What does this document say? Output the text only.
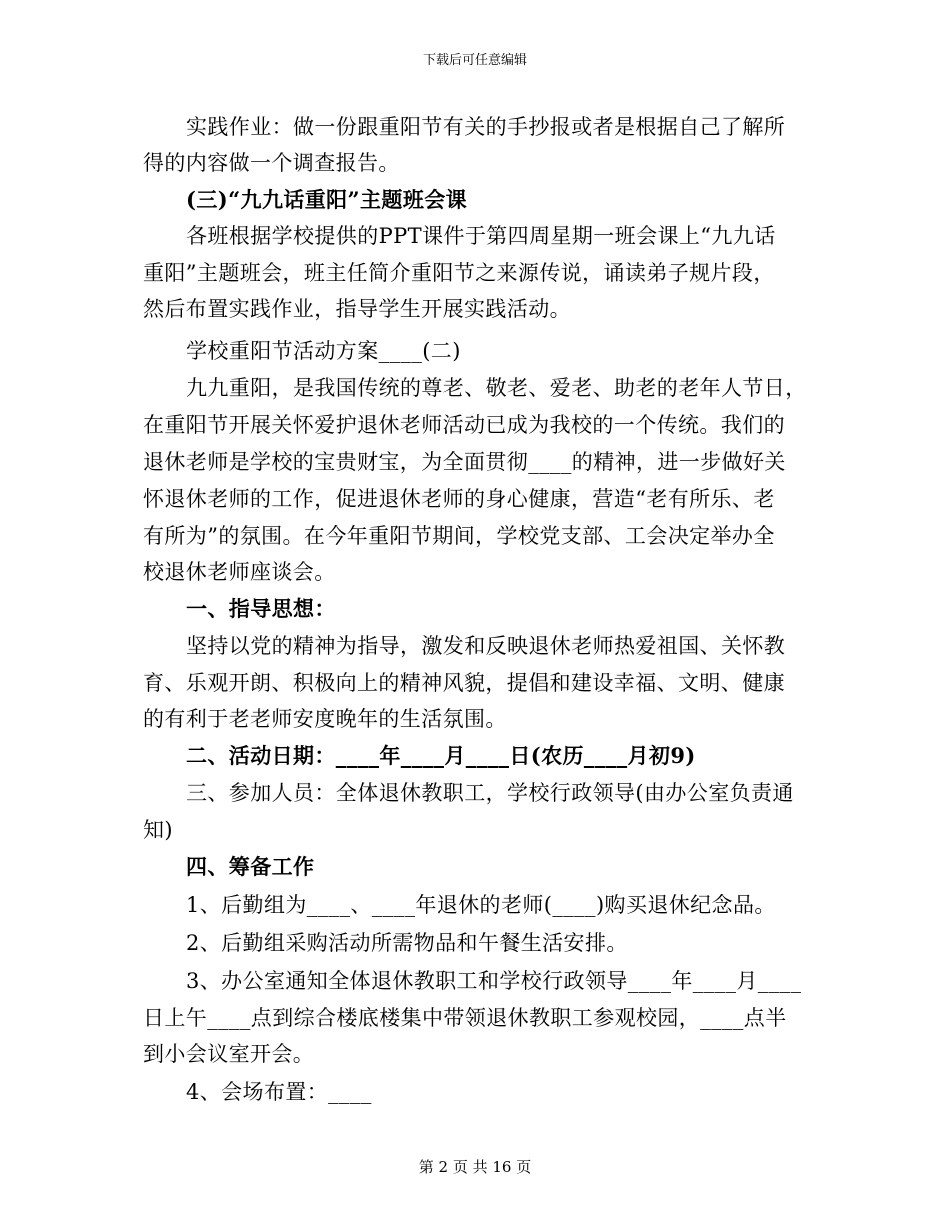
下载后可任意编辑
实践作业：做一份跟重阳节有关的手抄报或者是根据自己了解所
得的内容做一个调查报告。
(三)“九九话重阳”主题班会课
各班根据学校提供的PPT课件于第四周星期一班会课上“九九话
重阳”主题班会，班主任简介重阳节之来源传说，诵读弟子规片段，
然后布置实践作业，指导学生开展实践活动。
学校重阳节活动方案____(二)
九九重阳，是我国传统的尊老、敬老、爱老、助老的老年人节日，
在重阳节开展关怀爱护退休老师活动已成为我校的一个传统。我们的
退休老师是学校的宝贵财宝，为全面贯彻____的精神，进一步做好关
怀退休老师的工作，促进退休老师的身心健康，营造“老有所乐、老
有所为”的氛围。在今年重阳节期间，学校党支部、工会决定举办全
校退休老师座谈会。
一、指导思想：
坚持以党的精神为指导，激发和反映退休老师热爱祖国、关怀教
育、乐观开朗、积极向上的精神风貌，提倡和建设幸福、文明、健康
的有利于老老师安度晚年的生活氛围。
二、活动日期：____年____月____日(农历____月初9)
三、参加人员：全体退休教职工，学校行政领导(由办公室负责通
知)
四、筹备工作
1、后勤组为____、____年退休的老师(____)购买退休纪念品。
2、后勤组采购活动所需物品和午餐生活安排。
3、办公室通知全体退休教职工和学校行政领导____年____月____
日上午____点到综合楼底楼集中带领退休教职工参观校园，____点半
到小会议室开会。
4、会场布置：____
第 2 页 共 16 页
